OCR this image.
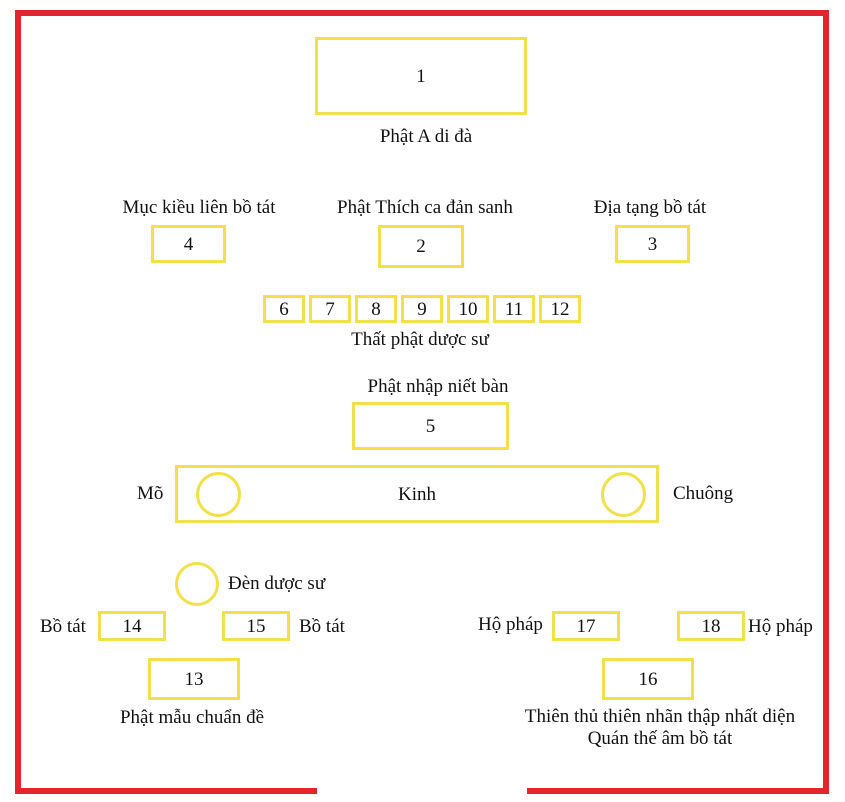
1
Phật A di đà
Mục kiều liên bồ tát
4
Phật Thích ca đản sanh
2
Địa tạng bồ tát
3
6	7	8	9	10	11	12
Thất phật dược sư
Phật nhập niết bàn
5
Mõ	Kinh	Chuông
Đèn dược sư
Bồ tát	14	15	Bồ tát
13
Phật mẫu chuẩn đề
Hộ pháp	17	18	Hộ pháp
16
Thiên thủ thiên nhãn thập nhất diện
Quán thế âm bồ tát
